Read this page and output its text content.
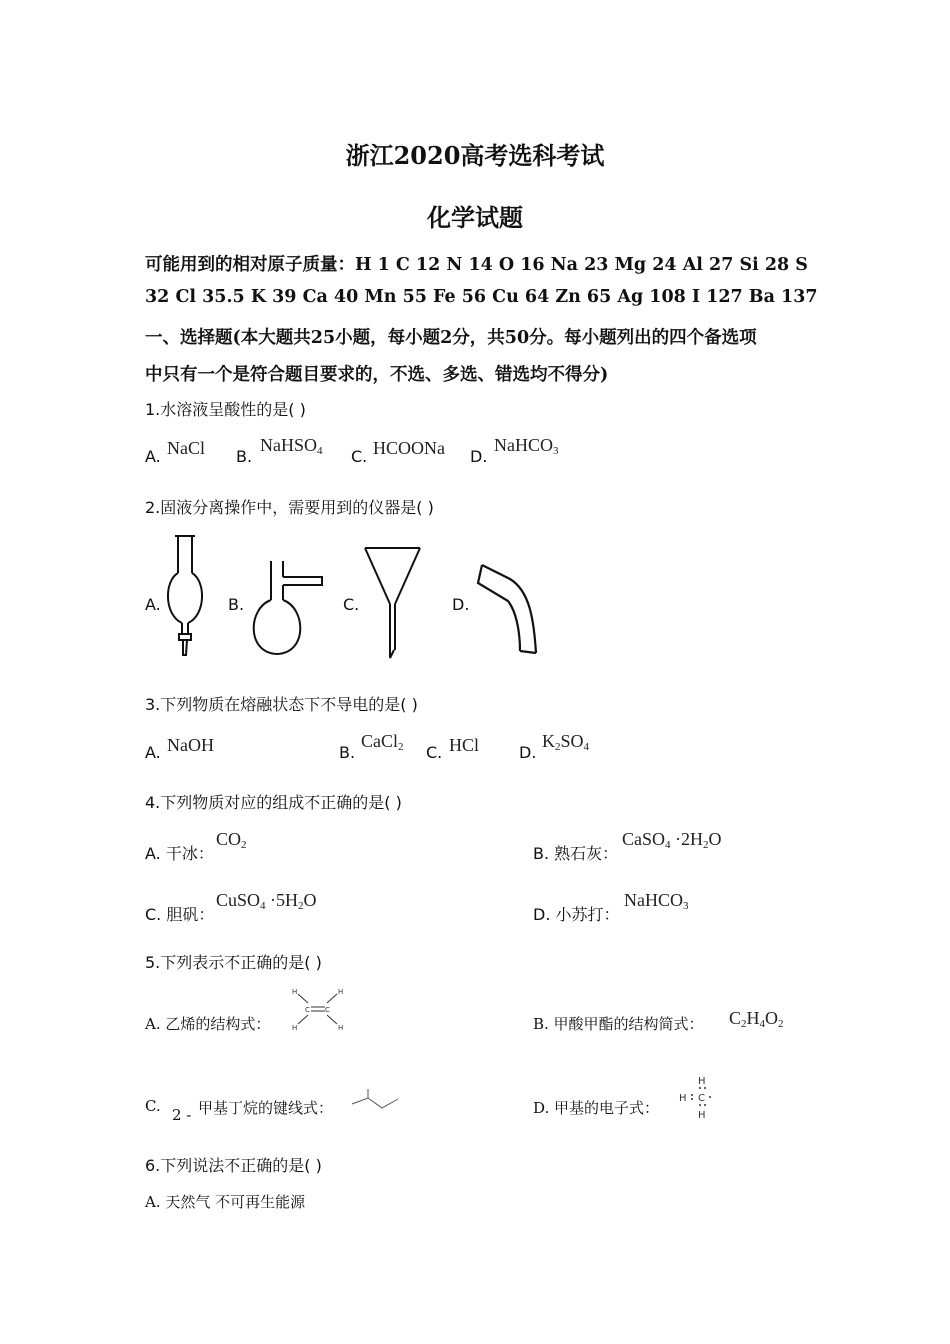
浙江2020高考选科考试
化学试题
可能用到的相对原子质量：H 1 C 12 N 14 O 16 Na 23 Mg 24 Al 27 Si 28 S
32 Cl 35.5 K 39 Ca 40 Mn 55 Fe 56 Cu 64 Zn 65 Ag 108 I 127 Ba 137
一、选择题(本大题共25小题，每小题2分，共50分。每小题列出的四个备选项
中只有一个是符合题目要求的，不选、多选、错选均不得分)
1.水溶液呈酸性的是( )
A. NaCl B.
NaHSO$_4$ C. HCOONa D.
NaHCO$_3$
2.固液分离操作中，需要用到的仪器是( )
A.	B.	C.	D.
3.下列物质在熔融状态下不导电的是( )
A. NaOH	B.
CaCl$_2$ C. HCl D.
$K_2SO_4$
4.下列物质对应的组成不正确的是( )
A. 干冰：
$CO_2$	B. 熟石灰：
CaSO$_4$ $\cdot 2H_2O$
C. 胆矾：
CuSO$_4$ $\cdot 5H_2O$
D. 小苏打：
NaHCO$_3$
5.下列表示不正确的是( )
A. 乙烯的结构式：
H	H
C C
H	H	B. 甲酸甲酯的结构简式： $C_2H_4O_2$
C. 2 - 甲基丁烷的键线式：	D. 甲基的电子式：
H
H C
H
6.下列说法不正确的是( )
A. 天然气 不可再生能源
